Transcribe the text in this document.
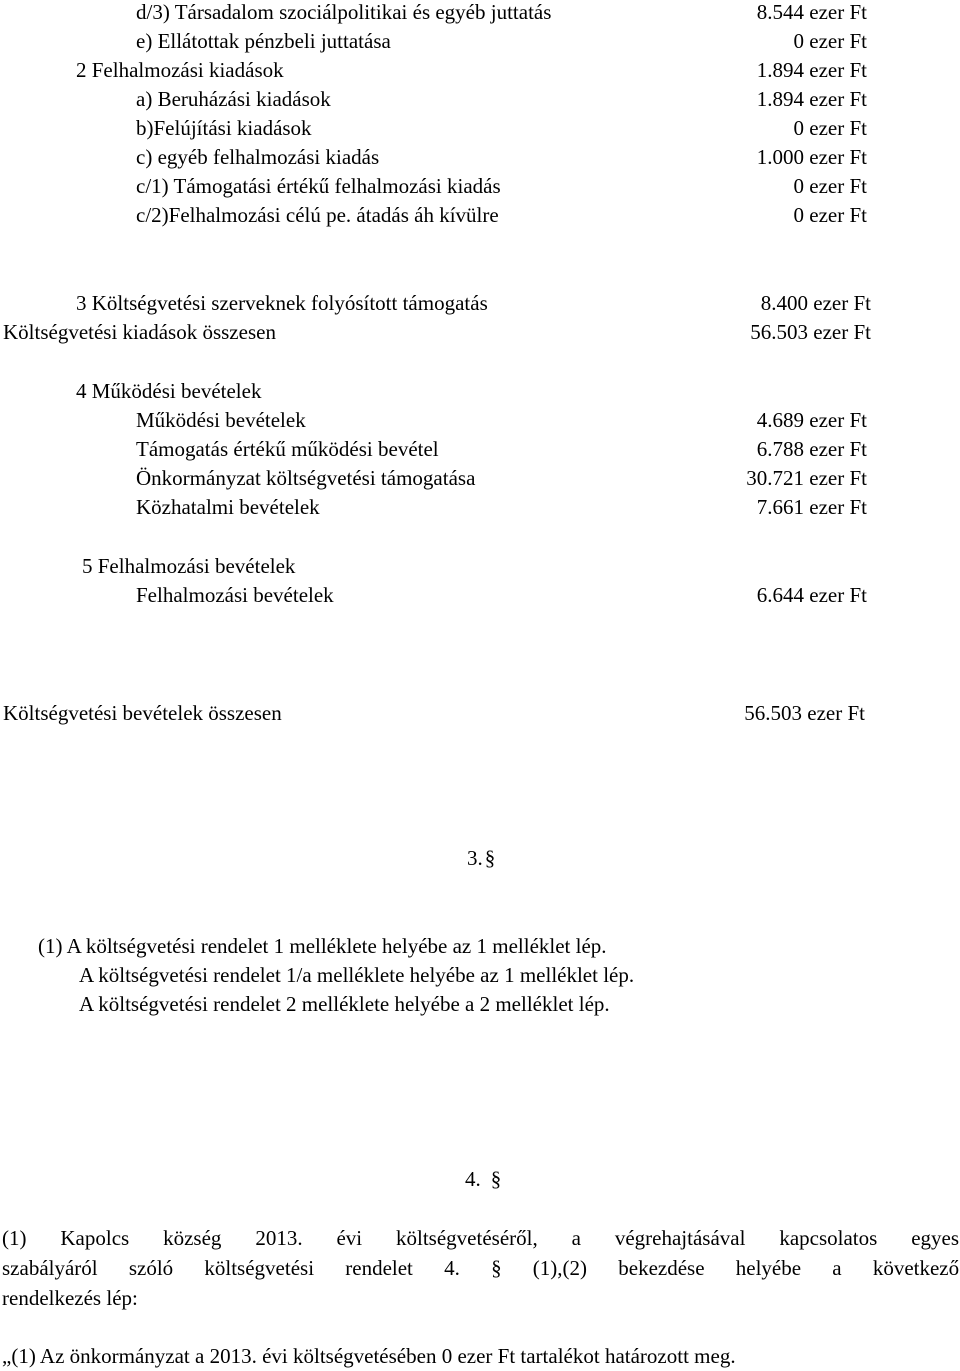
d/3) Társadalom szociálpolitikai és egyéb juttatás	8.544 ezer Ft
e) Ellátottak pénzbeli juttatása	0 ezer Ft
2 Felhalmozási kiadások	1.894 ezer Ft
a) Beruházási kiadások	1.894 ezer Ft
b)Felújítási kiadások	0 ezer Ft
c) egyéb felhalmozási kiadás	1.000 ezer Ft
c/1) Támogatási értékű felhalmozási kiadás	0 ezer Ft
c/2)Felhalmozási célú pe. átadás áh kívülre	0 ezer Ft
3 Költségvetési szerveknek folyósított támogatás	8.400 ezer Ft
Költségvetési kiadások összesen	56.503 ezer Ft
4 Működési bevételek
Működési bevételek	4.689 ezer Ft
Támogatás értékű működési bevétel	6.788 ezer Ft
Önkormányzat költségvetési támogatása	30.721 ezer Ft
Közhatalmi bevételek	7.661 ezer Ft
5 Felhalmozási bevételek
Felhalmozási bevételek	6.644 ezer Ft
Költségvetési bevételek összesen	56.503 ezer Ft
3.§
(1) A költségvetési rendelet 1 melléklete helyébe az 1 melléklet lép.
A költségvetési rendelet 1/a melléklete helyébe az 1 melléklet lép.
A költségvetési rendelet 2 melléklete helyébe a 2 melléklet lép.
4. §
(1) Kapolcs község 2013. évi költségvetéséről, a végrehajtásával kapcsolatos egyes
szabályáról szóló költségvetési rendelet 4. § (1),(2) bekezdése helyébe a következő
rendelkezés lép:
„(1) Az önkormányzat a 2013. évi költségvetésében 0 ezer Ft tartalékot határozott meg.
